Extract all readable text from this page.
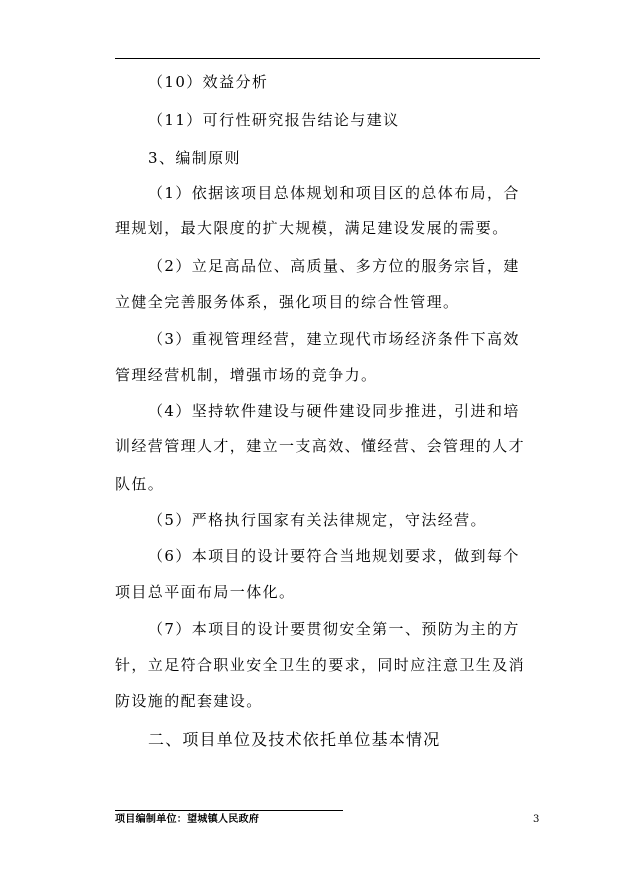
（10）效益分析
（11）可行性研究报告结论与建议
3、编制原则
（1）依据该项目总体规划和项目区的总体布局，合
理规划，最大限度的扩大规模，满足建设发展的需要。
（2）立足高品位、高质量、多方位的服务宗旨，建
立健全完善服务体系，强化项目的综合性管理。
（3）重视管理经营，建立现代市场经济条件下高效
管理经营机制，增强市场的竞争力。
（4）坚持软件建设与硬件建设同步推进，引进和培
训经营管理人才，建立一支高效、懂经营、会管理的人才
队伍。
（5）严格执行国家有关法律规定，守法经营。
（6）本项目的设计要符合当地规划要求，做到每个
项目总平面布局一体化。
（7）本项目的设计要贯彻安全第一、预防为主的方
针，立足符合职业安全卫生的要求，同时应注意卫生及消
防设施的配套建设。
二、项目单位及技术依托单位基本情况
项目编制单位：望城镇人民政府	3
